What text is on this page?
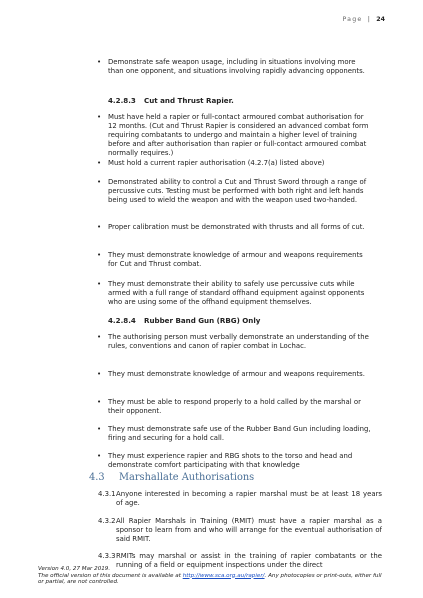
Page | 24
• Demonstrate safe weapon usage, including in situations involving more than one opponent, and situations involving rapidly advancing opponents.
4.2.8.3 Cut and Thrust Rapier.
• Must have held a rapier or full-contact armoured combat authorisation for 12 months. (Cut and Thrust Rapier is considered an advanced combat form requiring combatants to undergo and maintain a higher level of training before and after authorisation than rapier or full-contact armoured combat normally requires.)
• Must hold a current rapier authorisation (4.2.7(a) listed above)
• Demonstrated ability to control a Cut and Thrust Sword through a range of percussive cuts. Testing must be performed with both right and left hands being used to wield the weapon and with the weapon used two-handed.
• Proper calibration must be demonstrated with thrusts and all forms of cut.
• They must demonstrate knowledge of armour and weapons requirements for Cut and Thrust combat.
• They must demonstrate their ability to safely use percussive cuts while armed with a full range of standard offhand equipment against opponents who are using some of the offhand equipment themselves.
4.2.8.4 Rubber Band Gun (RBG) Only
• The authorising person must verbally demonstrate an understanding of the rules, conventions and canon of rapier combat in Lochac.
• They must demonstrate knowledge of armour and weapons requirements.
• They must be able to respond properly to a hold called by the marshal or their opponent.
• They must demonstrate safe use of the Rubber Band Gun including loading, firing and securing for a hold call.
• They must experience rapier and RBG shots to the torso and head and demonstrate comfort participating with that knowledge
4.3 Marshallate Authorisations
4.3.1 Anyone interested in becoming a rapier marshal must be at least 18 years of age.
4.3.2 All Rapier Marshals in Training (RMIT) must have a rapier marshal as a sponsor to learn from and who will arrange for the eventual authorisation of said RMIT.
4.3.3 RMITs may marshal or assist in the training of rapier combatants or the running of a field or equipment inspections under the direct
Version 4.0, 27 Mar 2019.
The official version of this document is available at http://www.sca.org.au/rapier/. Any photocopies or print-outs, either full or partial, are not controlled.
